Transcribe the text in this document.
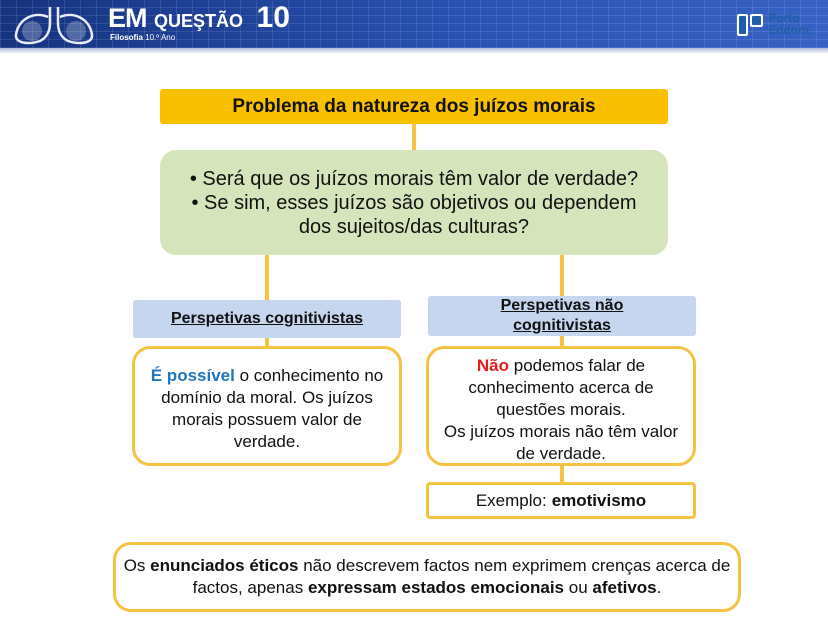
EM QUEŞTÃO 10
Filosofia 10.º Ano
Porto
Editora
Problema da natureza dos juízos morais
• Será que os juízos morais têm valor de verdade?
• Se sim, esses juízos são objetivos ou dependem
dos sujeitos/das culturas?
Perspetivas cognitivistas
Perspetivas não cognitivistas
É possível o conhecimento no domínio da moral. Os juízos morais possuem valor de verdade.
Não podemos falar de conhecimento acerca de questões morais.
Os juízos morais não têm valor de verdade.
Exemplo: emotivismo
Os enunciados éticos não descrevem factos nem exprimem crenças acerca de factos, apenas expressam estados emocionais ou afetivos.
